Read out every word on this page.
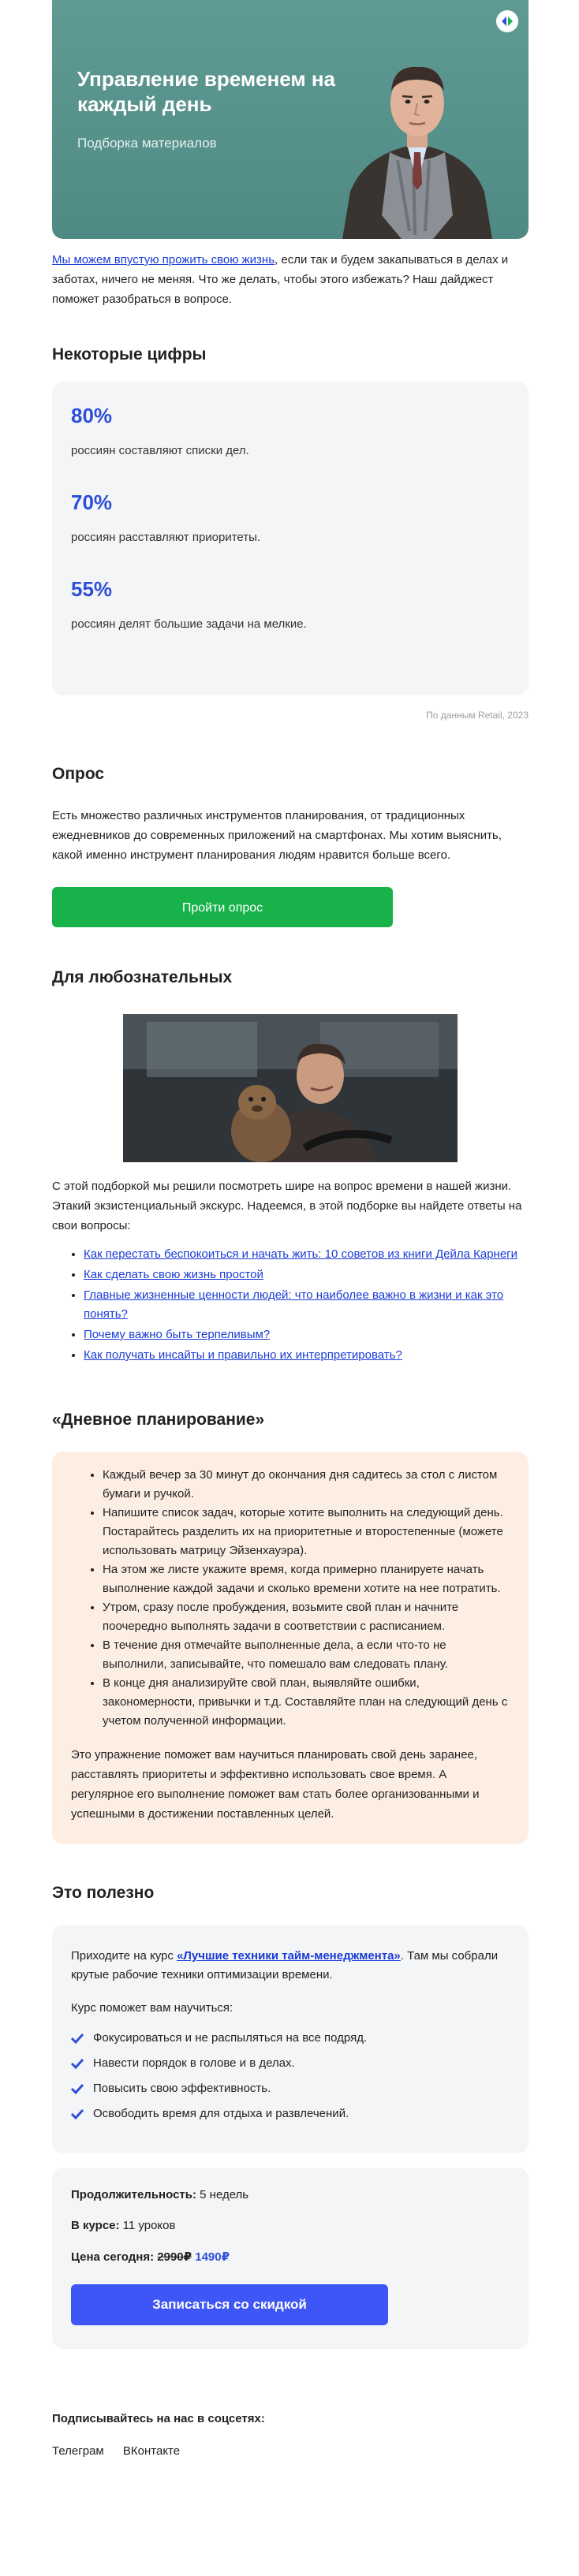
Управление временем на каждый день
Подборка материалов
Мы можем впустую прожить свою жизнь, если так и будем закапываться в делах и заботах, ничего не меняя. Что же делать, чтобы этого избежать? Наш дайджест поможет разобраться в вопросе.
Некоторые цифры
80%
россиян составляют списки дел.
70%
россиян расставляют приоритеты.
55%
россиян делят большие задачи на мелкие.
По данным Retail, 2023
Опрос
Есть множество различных инструментов планирования, от традиционных ежедневников до современных приложений на смартфонах. Мы хотим выяснить, какой именно инструмент планирования людям нравится больше всего.
Пройти опрос
Для любознательных
С этой подборкой мы решили посмотреть шире на вопрос времени в нашей жизни. Этакий экзистенциальный экскурс. Надеемся, в этой подборке вы найдете ответы на свои вопросы:
• Как перестать беспокоиться и начать жить: 10 советов из книги Дейла Карнеги
• Как сделать свою жизнь простой
• Главные жизненные ценности людей: что наиболее важно в жизни и как это понять?
• Почему важно быть терпеливым?
• Как получать инсайты и правильно их интерпретировать?
«Дневное планирование»
• Каждый вечер за 30 минут до окончания дня садитесь за стол с листом бумаги и ручкой.
• Напишите список задач, которые хотите выполнить на следующий день. Постарайтесь разделить их на приоритетные и второстепенные (можете использовать матрицу Эйзенхауэра).
• На этом же листе укажите время, когда примерно планируете начать выполнение каждой задачи и сколько времени хотите на нее потратить.
• Утром, сразу после пробуждения, возьмите свой план и начните поочередно выполнять задачи в соответствии с расписанием.
• В течение дня отмечайте выполненные дела, а если что-то не выполнили, записывайте, что помешало вам следовать плану.
• В конце дня анализируйте свой план, выявляйте ошибки, закономерности, привычки и т.д. Составляйте план на следующий день с учетом полученной информации.

Это упражнение поможет вам научиться планировать свой день заранее, расставлять приоритеты и эффективно использовать свое время. А регулярное его выполнение поможет вам стать более организованными и успешными в достижении поставленных целей.

Это полезно

Приходите на курс «Лучшие техники тайм-менеджмента». Там мы собрали крутые рабочие техники оптимизации времени.

Курс поможет вам научиться:

Фокусироваться и не распыляться на все подряд.
Навести порядок в голове и в делах.
Повысить свою эффективность.
Освободить время для отдыха и развлечений.
Продолжительность: 5 недель
В курсе: 11 уроков
Цена сегодня: 2990₽ 1490₽
Записаться со скидкой
Подписывайтесь на нас в соцсетях:
Телеграм ВКонтакте
